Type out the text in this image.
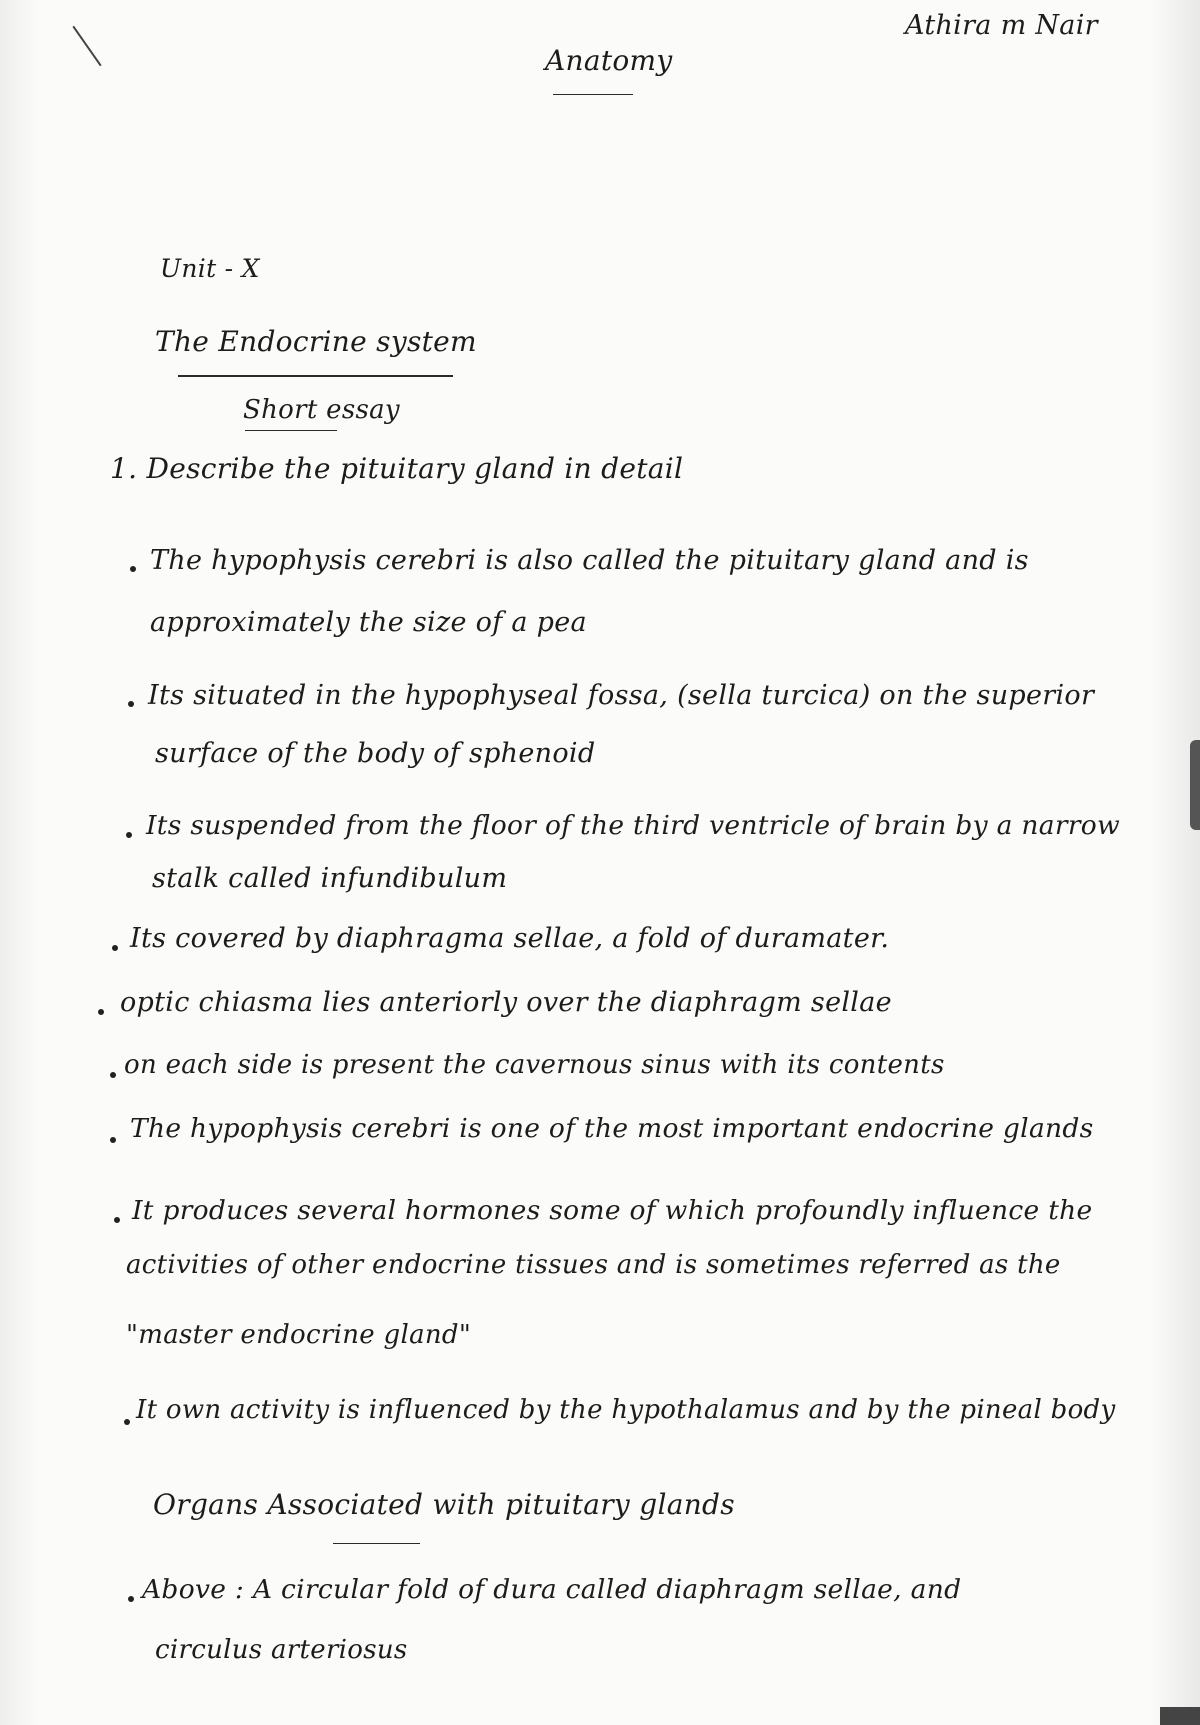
Athira m Nair
Anatomy
Unit - X
The Endocrine system
Short essay
1. Describe the pituitary gland in detail
The hypophysis cerebri is also called the pituitary gland and is
approximately the size of a pea
Its situated in the hypophyseal fossa, (sella turcica) on the superior
surface of the body of sphenoid
Its suspended from the floor of the third ventricle of brain by a narrow
stalk called infundibulum
Its covered by diaphragma sellae, a fold of duramater.
optic chiasma lies anteriorly over the diaphragm sellae
on each side is present the cavernous sinus with its contents
The hypophysis cerebri is one of the most important endocrine glands
It produces several hormones some of which profoundly influence the
activities of other endocrine tissues and is sometimes referred as the
"master endocrine gland"
It own activity is influenced by the hypothalamus and by the pineal body
Organs Associated with pituitary glands
Above : A circular fold of dura called diaphragm sellae, and
circulus arteriosus
